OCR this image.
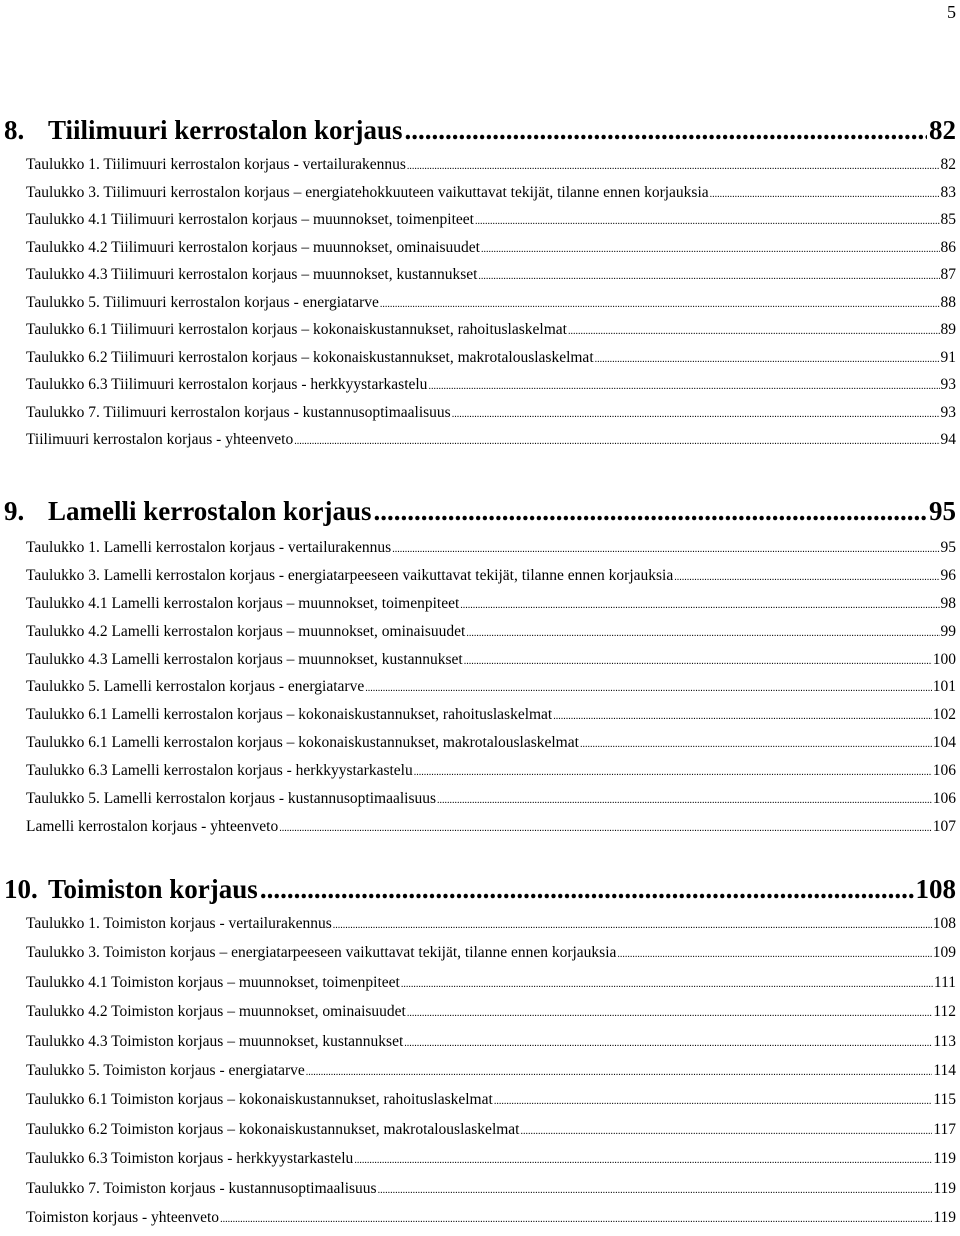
5
8. Tiilimuuri kerrostalon korjaus .....	82
Taulukko 1. Tiilimuuri kerrostalon korjaus - vertailurakennus .....	82
Taulukko 3. Tiilimuuri kerrostalon korjaus – energiatehokkuuteen vaikuttavat tekijät, tilanne ennen korjauksia .....	83
Taulukko 4.1 Tiilimuuri kerrostalon korjaus – muunnokset, toimenpiteet .....	85
Taulukko 4.2 Tiilimuuri kerrostalon korjaus – muunnokset, ominaisuudet .....	86
Taulukko 4.3 Tiilimuuri kerrostalon korjaus – muunnokset, kustannukset .....	87
Taulukko 5. Tiilimuuri kerrostalon korjaus - energiatarve .....	88
Taulukko 6.1 Tiilimuuri kerrostalon korjaus – kokonaiskustannukset, rahoituslaskelmat .....	89
Taulukko 6.2 Tiilimuuri kerrostalon korjaus – kokonaiskustannukset, makrotalouslaskelmat .....	91
Taulukko 6.3 Tiilimuuri kerrostalon korjaus - herkkyystarkastelu .....	93
Taulukko 7. Tiilimuuri kerrostalon korjaus - kustannusoptimaalisuus .....	93
Tiilimuuri kerrostalon korjaus - yhteenveto .....	94
9. Lamelli kerrostalon korjaus .....	95
Taulukko 1. Lamelli kerrostalon korjaus - vertailurakennus .....	95
Taulukko 3. Lamelli kerrostalon korjaus - energiatarpeeseen vaikuttavat tekijät, tilanne ennen korjauksia .....	96
Taulukko 4.1 Lamelli kerrostalon korjaus – muunnokset, toimenpiteet .....	98
Taulukko 4.2 Lamelli kerrostalon korjaus – muunnokset, ominaisuudet .....	99
Taulukko 4.3 Lamelli kerrostalon korjaus – muunnokset, kustannukset .....	100
Taulukko 5. Lamelli kerrostalon korjaus - energiatarve .....	101
Taulukko 6.1 Lamelli kerrostalon korjaus – kokonaiskustannukset, rahoituslaskelmat .....	102
Taulukko 6.1 Lamelli kerrostalon korjaus – kokonaiskustannukset, makrotalouslaskelmat .....	104
Taulukko 6.3 Lamelli kerrostalon korjaus - herkkyystarkastelu .....	106
Taulukko 5. Lamelli kerrostalon korjaus - kustannusoptimaalisuus .....	106
Lamelli kerrostalon korjaus - yhteenveto .....	107
10. Toimiston korjaus .....	108
Taulukko 1. Toimiston korjaus - vertailurakennus .....	108
Taulukko 3. Toimiston korjaus – energiatarpeeseen vaikuttavat tekijät, tilanne ennen korjauksia .....	109
Taulukko 4.1 Toimiston korjaus – muunnokset, toimenpiteet .....	111
Taulukko 4.2 Toimiston korjaus – muunnokset, ominaisuudet .....	112
Taulukko 4.3 Toimiston korjaus – muunnokset, kustannukset .....	113
Taulukko 5. Toimiston korjaus - energiatarve .....	114
Taulukko 6.1 Toimiston korjaus – kokonaiskustannukset, rahoituslaskelmat .....	115
Taulukko 6.2 Toimiston korjaus – kokonaiskustannukset, makrotalouslaskelmat .....	117
Taulukko 6.3 Toimiston korjaus - herkkyystarkastelu .....	119
Taulukko 7. Toimiston korjaus - kustannusoptimaalisuus .....	119
Toimiston korjaus - yhteenveto .....	119
